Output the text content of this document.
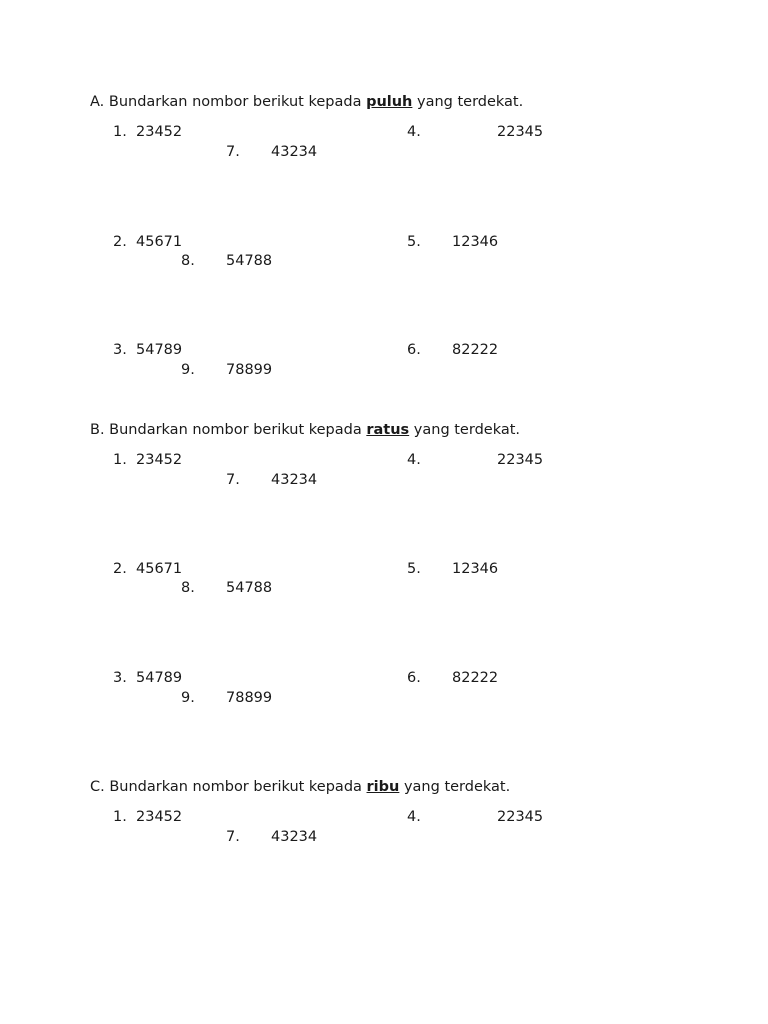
A. Bundarkan nombor berikut kepada puluh yang terdekat.
1. 23452	4.	22345
7. 43234
2. 45671	5. 12346
8. 54788
3. 54789	6. 82222
9. 78899
B. Bundarkan nombor berikut kepada ratus yang terdekat.
1. 23452	4.	22345
7. 43234
2. 45671	5. 12346
8. 54788
3. 54789	6. 82222
9. 78899
C. Bundarkan nombor berikut kepada ribu yang terdekat.
1. 23452	4.	22345
7. 43234
